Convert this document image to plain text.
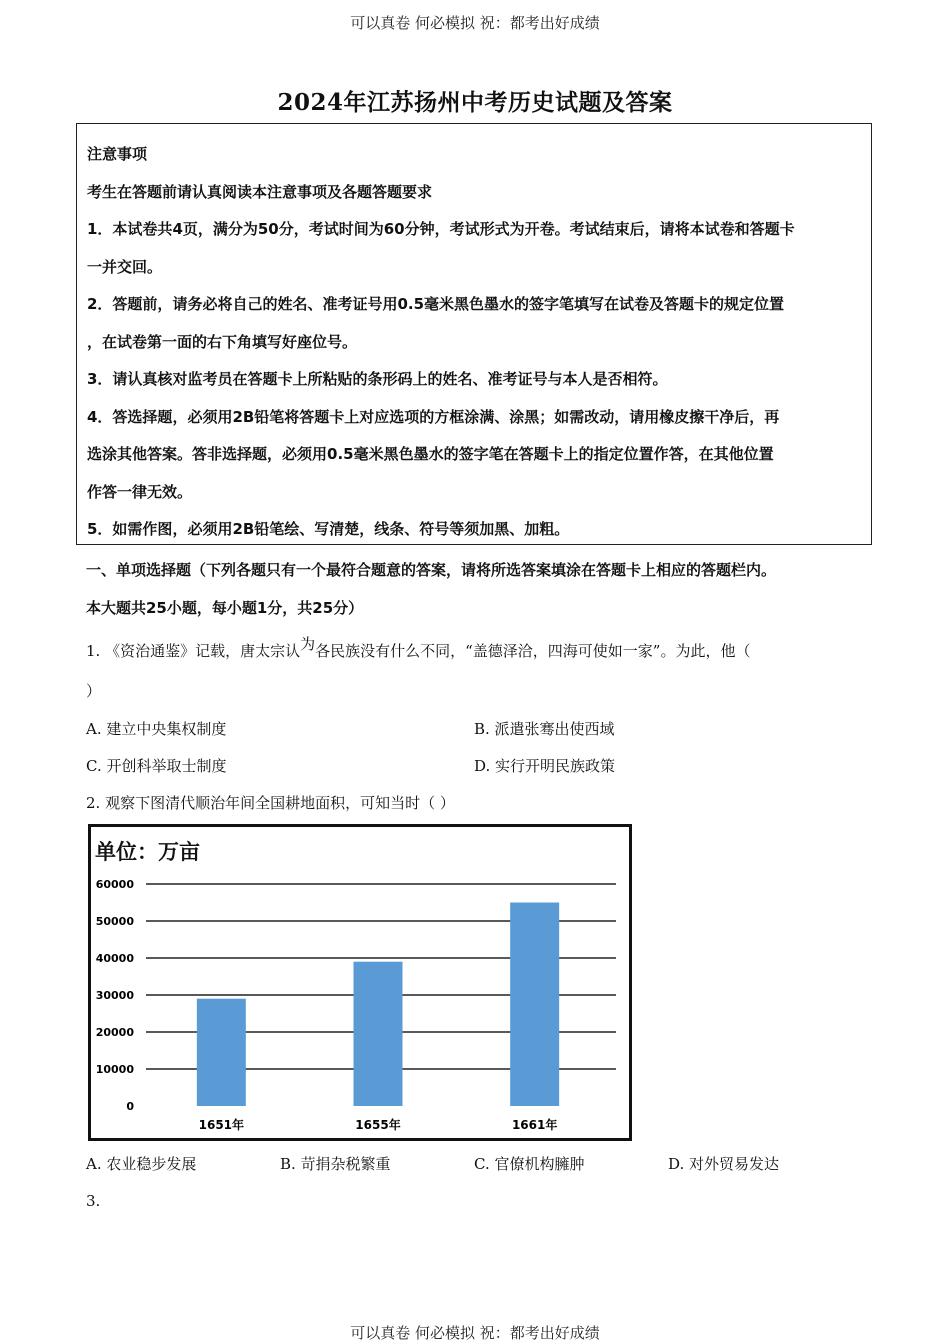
可以真卷 何必模拟 祝：都考出好成绩
2024年江苏扬州中考历史试题及答案

注意事项

考生在答题前请认真阅读本注意事项及各题答题要求

1．本试卷共4页，满分为50分，考试时间为60分钟，考试形式为开卷。考试结束后，请将本试卷和答题卡

一并交回。

2．答题前，请务必将自己的姓名、准考证号用0.5毫米黑色墨水的签字笔填写在试卷及答题卡的规定位置

，在试卷第一面的右下角填写好座位号。

3．请认真核对监考员在答题卡上所粘贴的条形码上的姓名、准考证号与本人是否相符。

4．答选择题，必须用2B铅笔将答题卡上对应选项的方框涂满、涂黑；如需改动，请用橡皮擦干净后，再

选涂其他答案。答非选择题，必须用0.5毫米黑色墨水的签字笔在答题卡上的指定位置作答，在其他位置

作答一律无效。

5．如需作图，必须用2B铅笔绘、写清楚，线条、符号等须加黑、加粗。

一、单项选择题（下列各题只有一个最符合题意的答案，请将所选答案填涂在答题卡上相应的答题栏内。

本大题共25小题，每小题1分，共25分）

1. 《资治通鉴》记载，唐太宗认为各民族没有什么不同，“盖德泽洽，四海可使如一家”。为此，他（
）
A. 建立中央集权制度	B. 派遣张骞出使西域
C. 开创科举取士制度	D. 实行开明民族政策
2. 观察下图清代顺治年间全国耕地面积，可知当时（ ）
单位：万亩
0
10000
20000
30000
40000
50000
60000
1651年	1655年	1661年
A. 农业稳步发展	B. 苛捐杂税繁重	C. 官僚机构臃肿	D. 对外贸易发达
3.
可以真卷 何必模拟 祝：都考出好成绩
